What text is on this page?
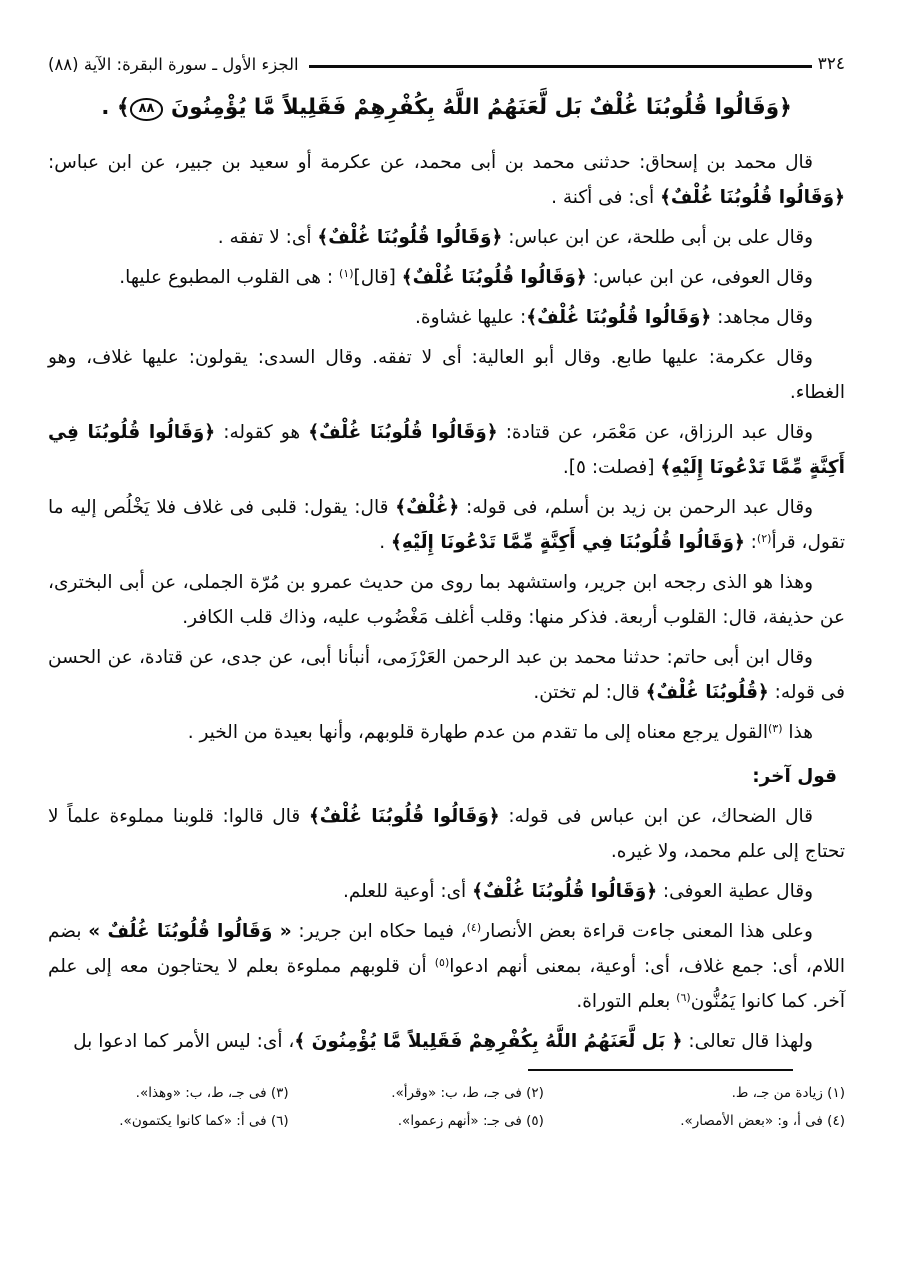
٣٢٤
الجزء الأول ـ سورة البقرة: الآية (٨٨)
﴿وَقَالُوا قُلُوبُنَا غُلْفٌ بَل لَّعَنَهُمُ اللَّهُ بِكُفْرِهِمْ فَقَلِيلاً مَّا يُؤْمِنُونَ ٨٨﴾ .
قال محمد بن إسحاق: حدثنى محمد بن أبى محمد، عن عكرمة أو سعيد بن جبير، عن ابن عباس: ﴿وَقَالُوا قُلُوبُنَا غُلْفٌ﴾ أى: فى أكنة .
وقال على بن أبى طلحة، عن ابن عباس: ﴿وَقَالُوا قُلُوبُنَا غُلْفٌ﴾ أى: لا تفقه .
وقال العوفى، عن ابن عباس: ﴿وَقَالُوا قُلُوبُنَا غُلْفٌ﴾ [قال]$^{(١)}$ : هى القلوب المطبوع عليها.
وقال مجاهد: ﴿وَقَالُوا قُلُوبُنَا غُلْفٌ﴾: عليها غشاوة.
وقال عكرمة: عليها طابع. وقال أبو العالية: أى لا تفقه. وقال السدى: يقولون: عليها غلاف، وهو الغطاء.
وقال عبد الرزاق، عن مَعْمَر، عن قتادة: ﴿وَقَالُوا قُلُوبُنَا غُلْفٌ﴾ هو كقوله: ﴿وَقَالُوا قُلُوبُنَا فِي أَكِنَّةٍ مِّمَّا تَدْعُونَا إِلَيْهِ﴾ [فصلت: ٥].
وقال عبد الرحمن بن زيد بن أسلم، فى قوله: ﴿غُلْفٌ﴾ قال: يقول: قلبى فى غلاف فلا يَخْلُص إليه ما تقول، قرأ$^{(٢)}$: ﴿وَقَالُوا قُلُوبُنَا فِي أَكِنَّةٍ مِّمَّا تَدْعُونَا إِلَيْهِ﴾ .
وهذا هو الذى رجحه ابن جرير، واستشهد بما روى من حديث عمرو بن مُرّة الجملى، عن أبى البخترى، عن حذيفة، قال: القلوب أربعة. فذكر منها: وقلب أغلف مَغْضُوب عليه، وذاك قلب الكافر.
وقال ابن أبى حاتم: حدثنا محمد بن عبد الرحمن العَرْزَمى، أنبأنا أبى، عن جدى، عن قتادة، عن الحسن فى قوله: ﴿قُلُوبُنَا غُلْفٌ﴾ قال: لم تختن.
هذا $^{(٣)}$القول يرجع معناه إلى ما تقدم من عدم طهارة قلوبهم، وأنها بعيدة من الخير .
قول آخر:
قال الضحاك، عن ابن عباس فى قوله: ﴿وَقَالُوا قُلُوبُنَا غُلْفٌ﴾ قال قالوا: قلوبنا مملوءة علماً لا تحتاج إلى علم محمد، ولا غيره.
وقال عطية العوفى: ﴿وَقَالُوا قُلُوبُنَا غُلْفٌ﴾ أى: أوعية للعلم.
وعلى هذا المعنى جاءت قراءة بعض الأنصار$^{(٤)}$، فيما حكاه ابن جرير: « وَقَالُوا قُلُوبُنَا غُلُفٌ » بضم اللام، أى: جمع غلاف، أى: أوعية، بمعنى أنهم ادعوا$^{(٥)}$ أن قلوبهم مملوءة بعلم لا يحتاجون معه إلى علم آخر. كما كانوا يَمُنُّون$^{(٦)}$ بعلم التوراة.
ولهذا قال تعالى: ﴿ بَل لَّعَنَهُمُ اللَّهُ بِكُفْرِهِمْ فَقَلِيلاً مَّا يُؤْمِنُونَ ﴾، أى: ليس الأمر كما ادعوا بل
(١) زيادة من جـ، ط.
(٢) فى جـ، ط، ب: «وقرأ».
(٣) فى جـ، ط، ب: «وهذا».
(٤) فى أ، و: «بعض الأمصار».
(٥) فى جـ: «أنهم زعموا».
(٦) فى أ: «كما كانوا يكتمون».
